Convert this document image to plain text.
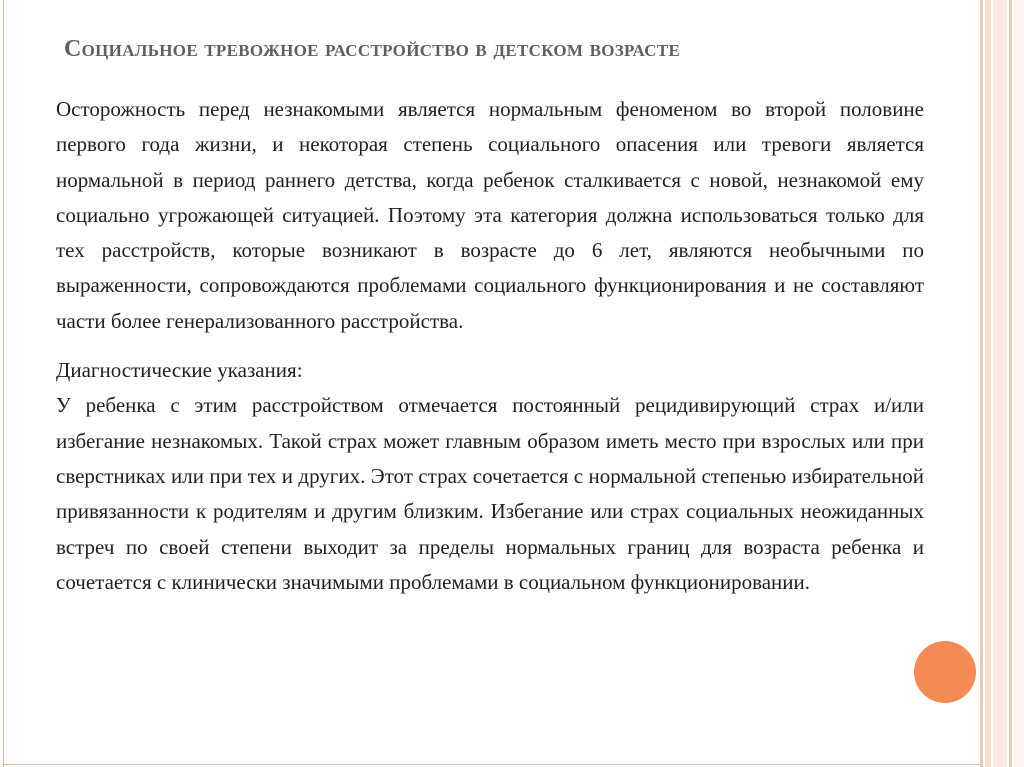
Социальное тревожное расстройство в детском возрасте

Осторожность перед незнакомыми является нормальным феноменом во второй половине первого года жизни, и некоторая степень социального опасения или тревоги является нормальной в период раннего детства, когда ребенок сталкивается с новой, незнакомой ему социально угрожающей ситуацией. Поэтому эта категория должна использоваться только для тех расстройств, которые возникают в возрасте до 6 лет, являются необычными по выраженности, сопровождаются проблемами социального функционирования и не составляют части более генерализованного расстройства.

Диагностические указания:

У ребенка с этим расстройством отмечается постоянный рецидивирующий страх и/или избегание незнакомых. Такой страх может главным образом иметь место при взрослых или при сверстниках или при тех и других. Этот страх сочетается с нормальной степенью избирательной привязанности к родителям и другим близким. Избегание или страх социальных неожиданных встреч по своей степени выходит за пределы нормальных границ для возраста ребенка и сочетается с клинически значимыми проблемами в социальном функционировании.
